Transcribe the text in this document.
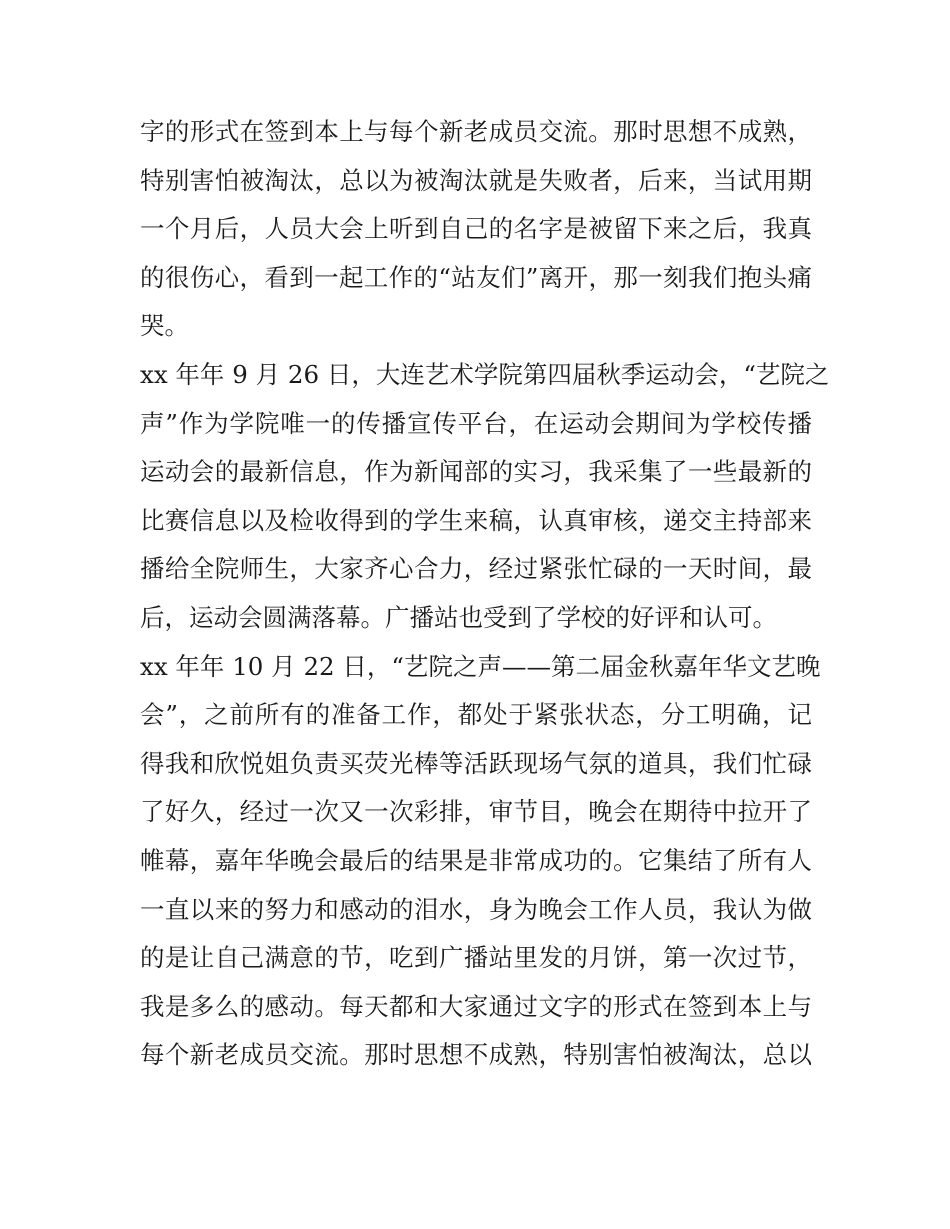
字的形式在签到本上与每个新老成员交流。那时思想不成熟，
特别害怕被淘汰，总以为被淘汰就是失败者，后来，当试用期
一个月后，人员大会上听到自己的名字是被留下来之后，我真
的很伤心，看到一起工作的“站友们”离开，那一刻我们抱头痛
哭。
xx 年年 9 月 26 日，大连艺术学院第四届秋季运动会，“艺院之
声”作为学院唯一的传播宣传平台，在运动会期间为学校传播
运动会的最新信息，作为新闻部的实习，我采集了一些最新的
比赛信息以及检收得到的学生来稿，认真审核，递交主持部来
播给全院师生，大家齐心合力，经过紧张忙碌的一天时间，最
后，运动会圆满落幕。广播站也受到了学校的好评和认可。
xx 年年 10 月 22 日，“艺院之声——第二届金秋嘉年华文艺晚
会”，之前所有的准备工作，都处于紧张状态，分工明确，记
得我和欣悦姐负责买荧光棒等活跃现场气氛的道具，我们忙碌
了好久，经过一次又一次彩排，审节目，晚会在期待中拉开了
帷幕，嘉年华晚会最后的结果是非常成功的。它集结了所有人
一直以来的努力和感动的泪水，身为晚会工作人员，我认为做
的是让自己满意的节，吃到广播站里发的月饼，第一次过节，
我是多么的感动。每天都和大家通过文字的形式在签到本上与
每个新老成员交流。那时思想不成熟，特别害怕被淘汰，总以
